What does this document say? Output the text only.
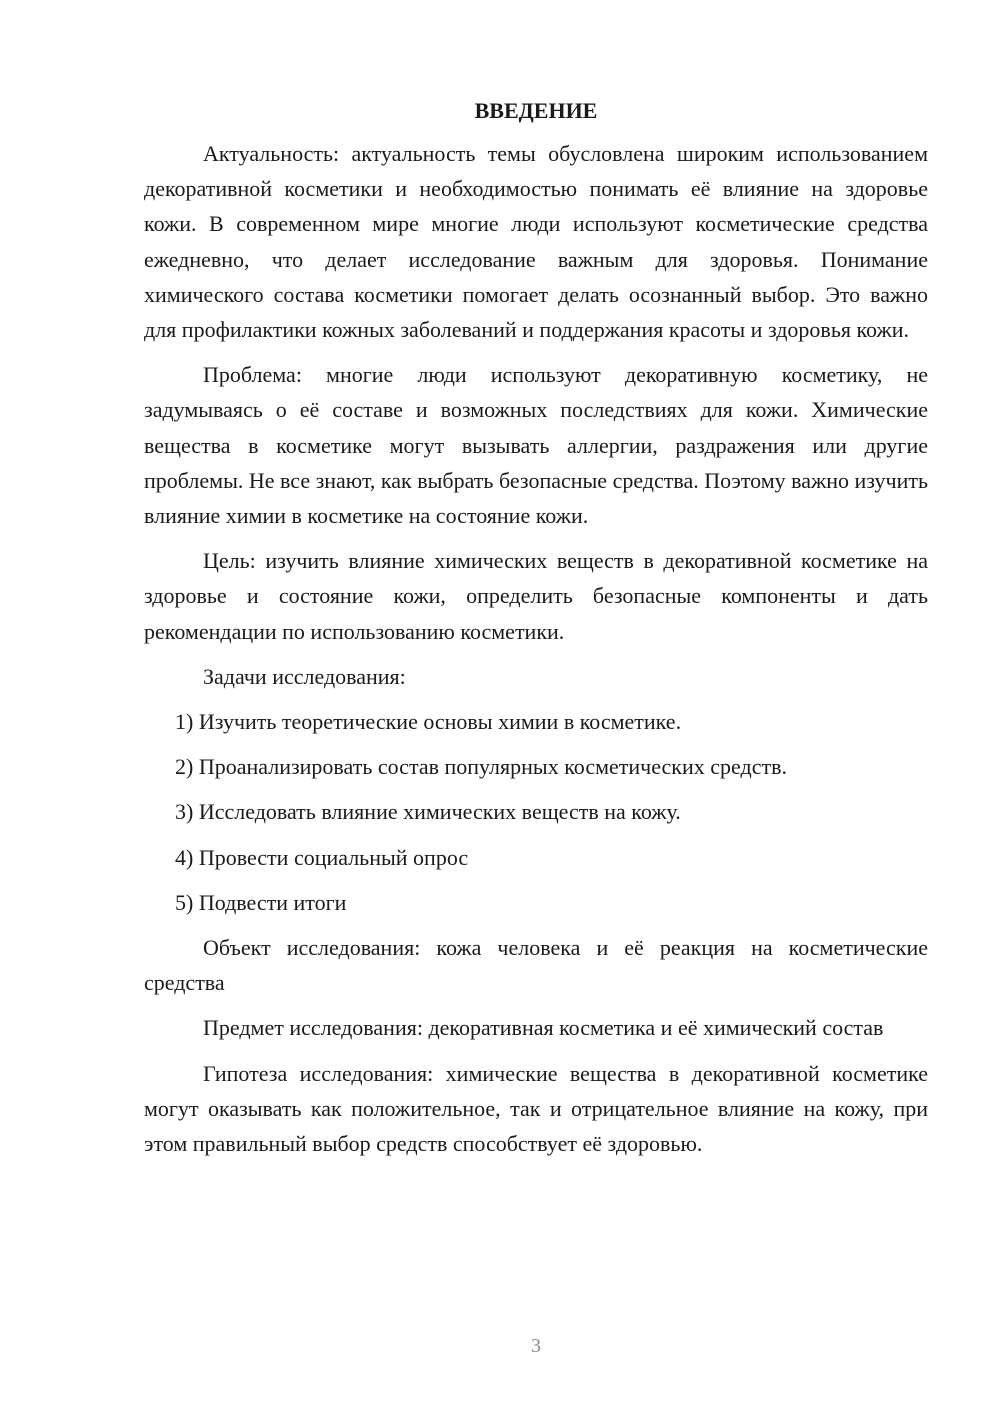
ВВЕДЕНИЕ

Актуальность: актуальность темы обусловлена широким использованием декоративной косметики и необходимостью понимать её влияние на здоровье кожи. В современном мире многие люди используют косметические средства ежедневно, что делает исследование важным для здоровья. Понимание химического состава косметики помогает делать осознанный выбор. Это важно для профилактики кожных заболеваний и поддержания красоты и здоровья кожи.

Проблема: многие люди используют декоративную косметику, не задумываясь о её составе и возможных последствиях для кожи. Химические вещества в косметике могут вызывать аллергии, раздражения или другие проблемы. Не все знают, как выбрать безопасные средства. Поэтому важно изучить влияние химии в косметике на состояние кожи.

Цель: изучить влияние химических веществ в декоративной косметике на здоровье и состояние кожи, определить безопасные компоненты и дать рекомендации по использованию косметики.

Задачи исследования:

1) Изучить теоретические основы химии в косметике.

2) Проанализировать состав популярных косметических средств.

3) Исследовать влияние химических веществ на кожу.

4) Провести социальный опрос

5) Подвести итоги

Объект исследования: кожа человека и её реакция на косметические средства

Предмет исследования: декоративная косметика и её химический состав

Гипотеза исследования: химические вещества в декоративной косметике могут оказывать как положительное, так и отрицательное влияние на кожу, при этом правильный выбор средств способствует её здоровью.

3
